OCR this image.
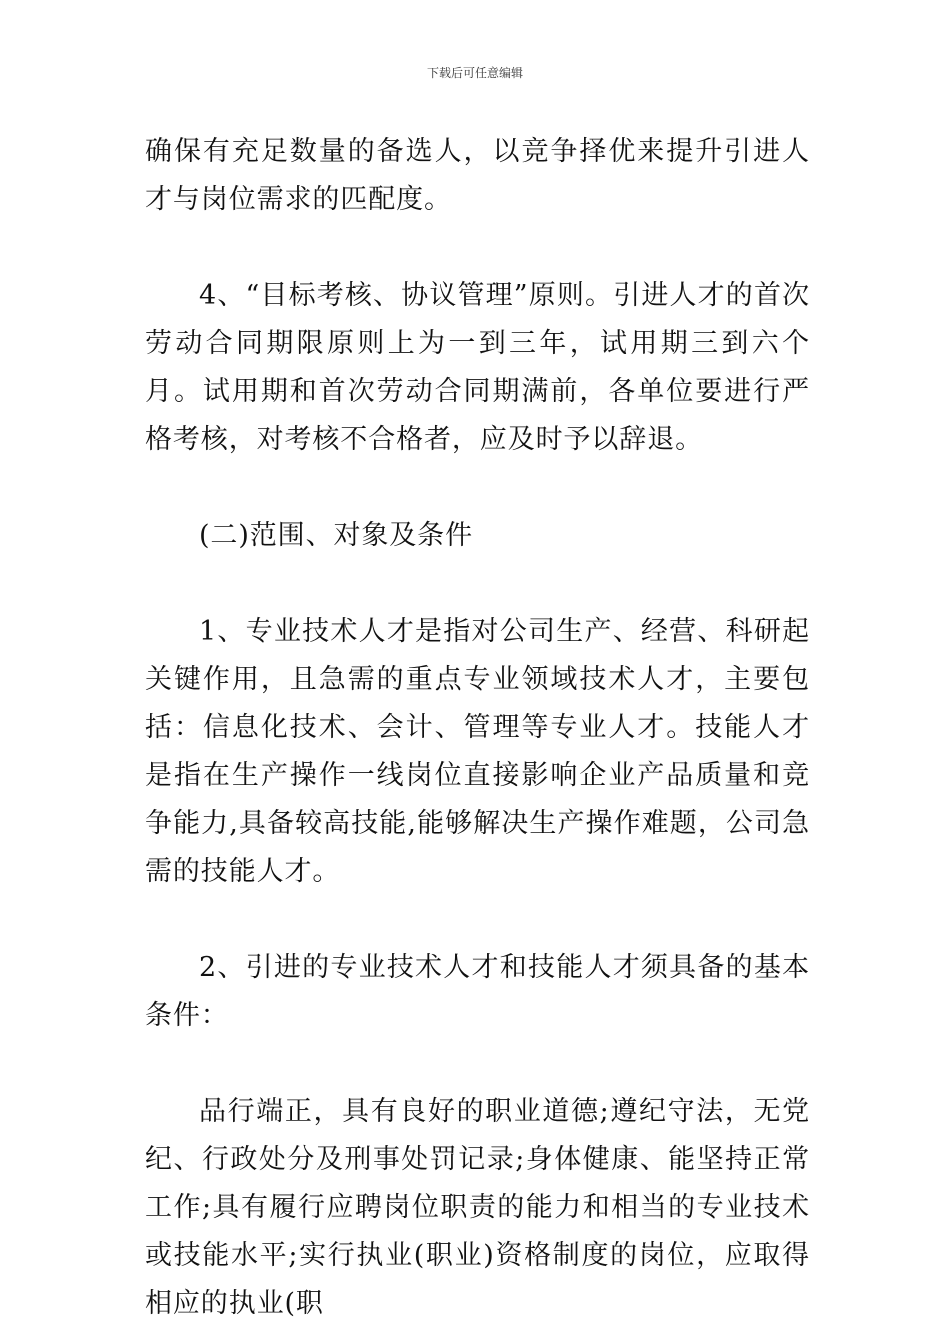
下载后可任意编辑

确保有充足数量的备选人，以竞争择优来提升引进人才与岗位需求的匹配度。

4、“目标考核、协议管理”原则。引进人才的首次劳动合同期限原则上为一到三年，试用期三到六个月。试用期和首次劳动合同期满前，各单位要进行严格考核，对考核不合格者，应及时予以辞退。

(二)范围、对象及条件

1、专业技术人才是指对公司生产、经营、科研起关键作用，且急需的重点专业领域技术人才，主要包括：信息化技术、会计、管理等专业人才。技能人才是指在生产操作一线岗位直接影响企业产品质量和竞争能力,具备较高技能,能够解决生产操作难题，公司急需的技能人才。

2、引进的专业技术人才和技能人才须具备的基本条件：

品行端正，具有良好的职业道德;遵纪守法，无党纪、行政处分及刑事处罚记录;身体健康、能坚持正常工作;具有履行应聘岗位职责的能力和相当的专业技术或技能水平;实行执业(职业)资格制度的岗位，应取得相应的执业(职
